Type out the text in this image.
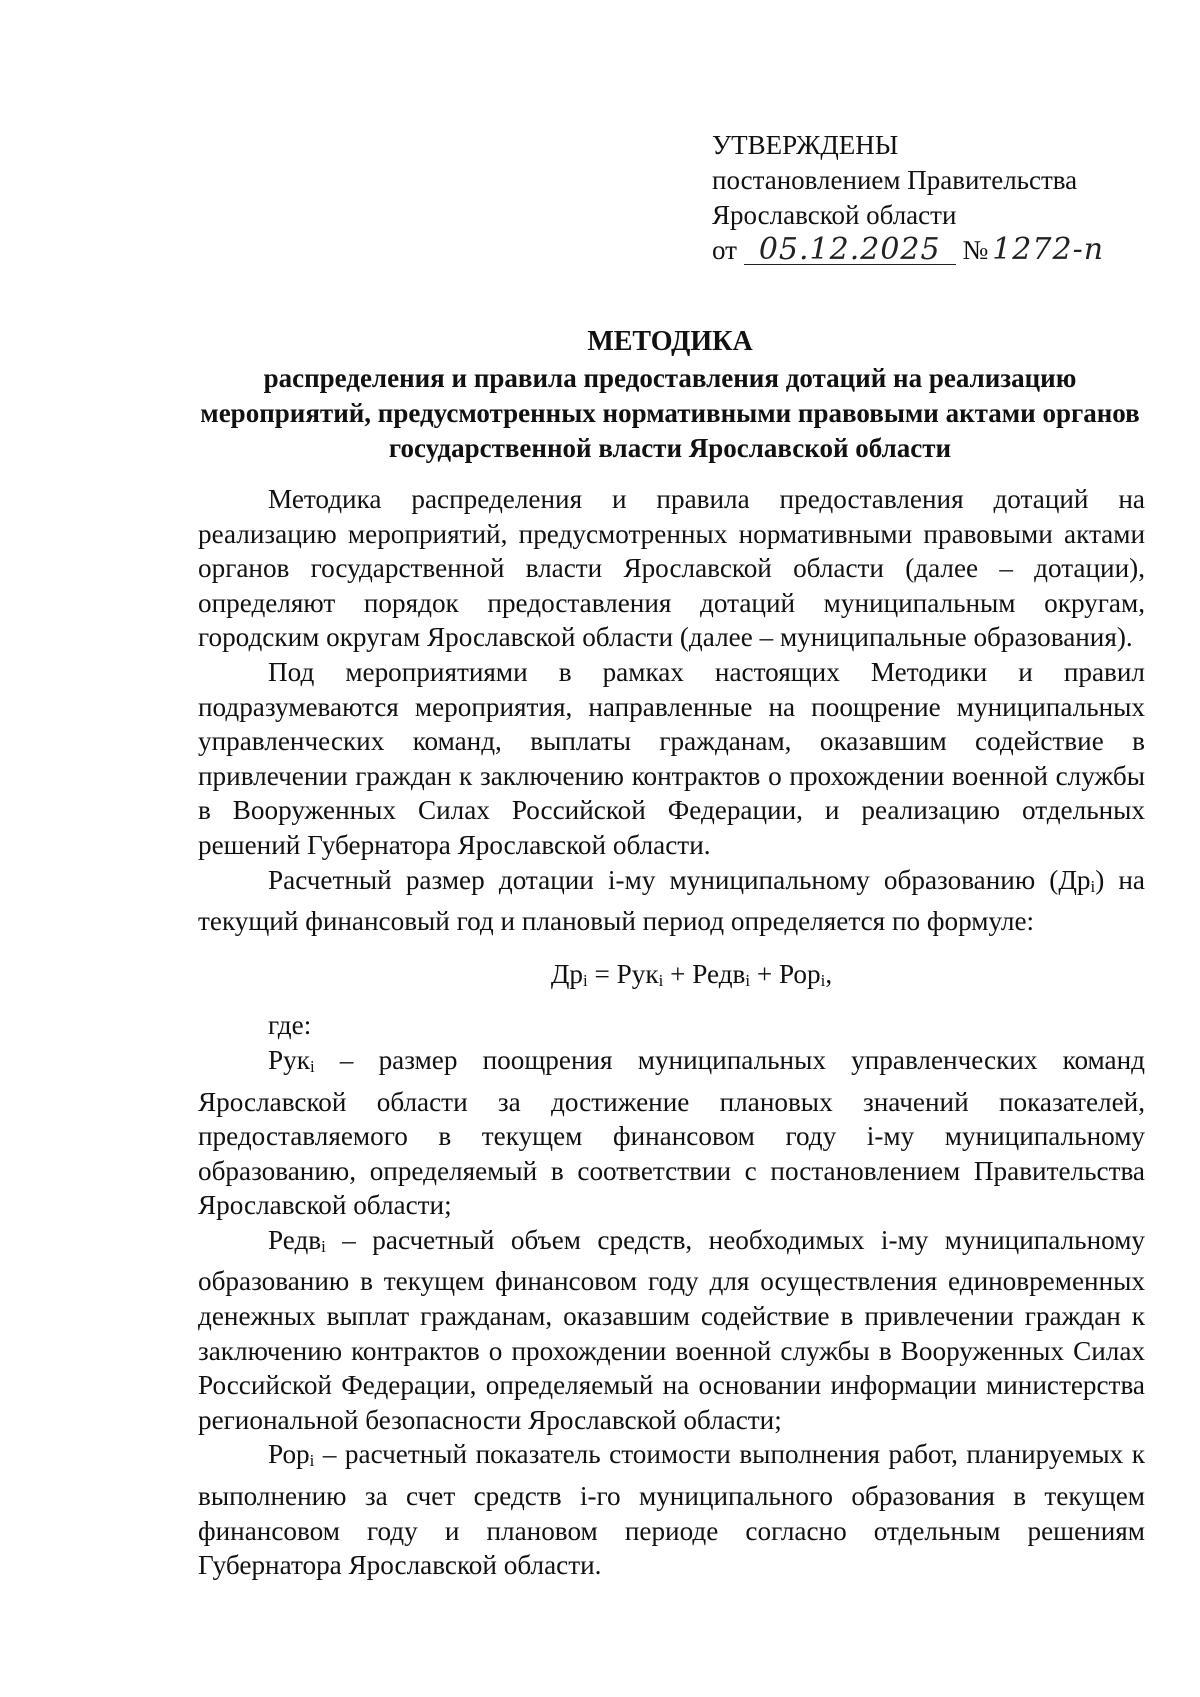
УТВЕРЖДЕНЫ
постановлением Правительства
Ярославской области
от 05.12.2025 № 1272-п
МЕТОДИКА
распределения и правила предоставления дотаций на реализацию мероприятий, предусмотренных нормативными правовыми актами органов государственной власти Ярославской области

Методика распределения и правила предоставления дотаций на реализацию мероприятий, предусмотренных нормативными правовыми актами органов государственной власти Ярославской области (далее – дотации), определяют порядок предоставления дотаций муниципальным округам, городским округам Ярославской области (далее – муниципальные образования).

Под мероприятиями в рамках настоящих Методики и правил подразумеваются мероприятия, направленные на поощрение муниципальных управленческих команд, выплаты гражданам, оказавшим содействие в привлечении граждан к заключению контрактов о прохождении военной службы в Вооруженных Силах Российской Федерации, и реализацию отдельных решений Губернатора Ярославской области.

Расчетный размер дотации i-му муниципальному образованию $(Др_i)$ на текущий финансовый год и плановый период определяется по формуле:

$Др_i = Рук_i$ + Редв$_i$ + Рор$_i$,

где:

Рук$_i$ – размер поощрения муниципальных управленческих команд Ярославской области за достижение плановых значений показателей, предоставляемого в текущем финансовом году i-му муниципальному образованию, определяемый в соответствии с постановлением Правительства Ярославской области;

Редв$_i$ – расчетный объем средств, необходимых i-му муниципальному образованию в текущем финансовом году для осуществления единовременных денежных выплат гражданам, оказавшим содействие в привлечении граждан к заключению контрактов о прохождении военной службы в Вооруженных Силах Российской Федерации, определяемый на основании информации министерства региональной безопасности Ярославской области;

Рор$_i$ – расчетный показатель стоимости выполнения работ, планируемых к выполнению за счет средств i-го муниципального образования в текущем финансовом году и плановом периоде согласно отдельным решениям Губернатора Ярославской области.
